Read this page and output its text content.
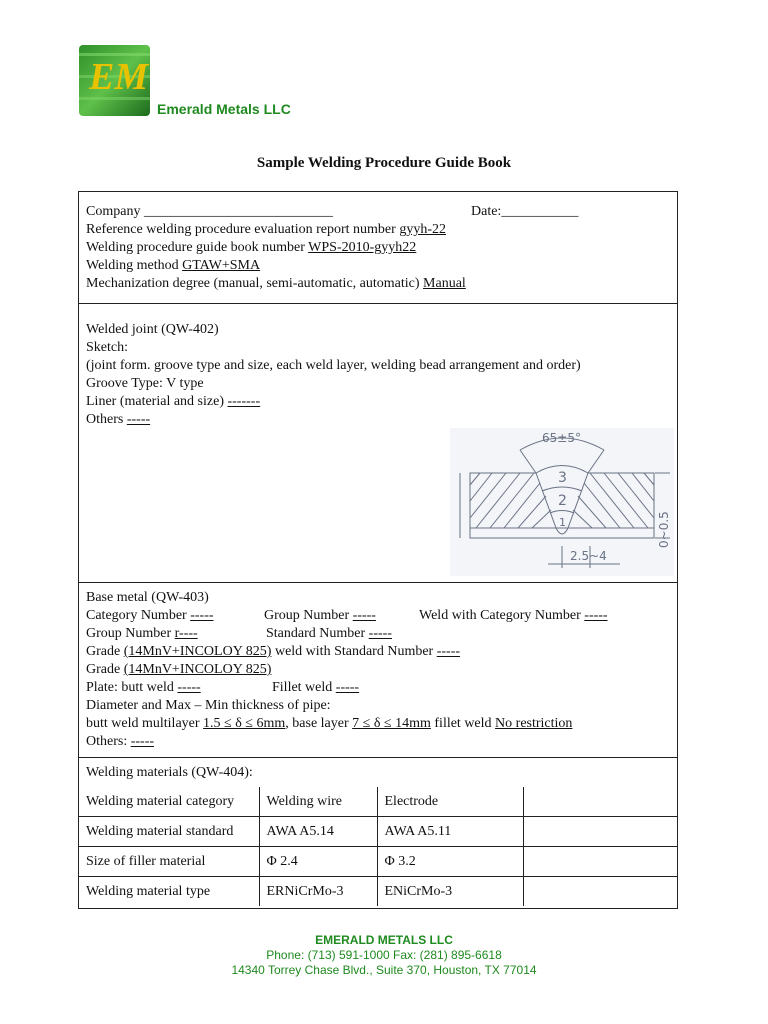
EM
Emerald Metals LLC
Sample Welding Procedure Guide Book
Company ___________________________	Date:___________
Reference welding procedure evaluation report number gyyh-22
Welding procedure guide book number WPS-2010-gyyh22
Welding method GTAW+SMA
Mechanization degree (manual, semi-automatic, automatic) Manual
Welded joint (QW-402)
Sketch:
(joint form. groove type and size, each weld layer, welding bead arrangement and order)
Groove Type: V type
Liner (material and size) -------
Others -----
65±5°
3
2
1	0~0.5
2.5~4
Base metal (QW-403)
Category Number -----	Group Number -----	Weld with Category Number -----
Group Number r----	Standard Number -----
Grade (14MnV+INCOLOY 825) weld with Standard Number -----
Grade (14MnV+INCOLOY 825)
Plate: butt weld -----	Fillet weld -----
Diameter and Max – Min thickness of pipe:
butt weld multilayer 1.5 ≤ δ ≤ 6mm, base layer 7 ≤ δ ≤ 14mm fillet weld No restriction
Others: -----
Welding materials (QW-404):
Welding material category	Welding wire	Electrode	
Welding material standard	AWA A5.14	AWA A5.11	
Size of filler material	Φ 2.4	Φ 3.2	
Welding material type	ERNiCrMo-3	ENiCrMo-3	
EMERALD METALS LLC
Phone: (713) 591-1000 Fax: (281) 895-6618
14340 Torrey Chase Blvd., Suite 370, Houston, TX 77014
